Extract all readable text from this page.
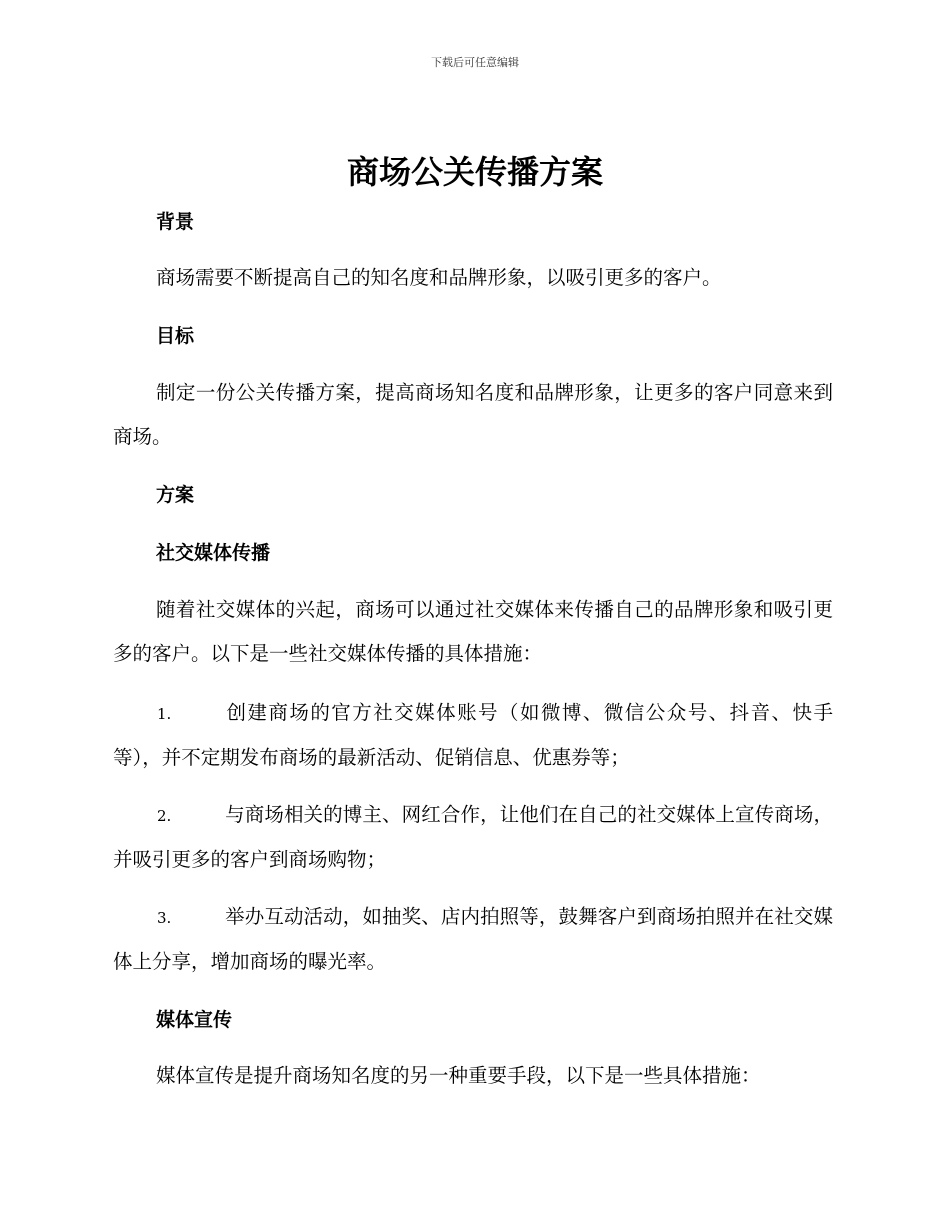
下载后可任意编辑
商场公关传播方案
背景

商场需要不断提高自己的知名度和品牌形象，以吸引更多的客户。

目标

制定一份公关传播方案，提高商场知名度和品牌形象，让更多的客户同意来到商场。

方案
社交媒体传播

随着社交媒体的兴起，商场可以通过社交媒体来传播自己的品牌形象和吸引更多的客户。以下是一些社交媒体传播的具体措施：

1.	创建商场的官方社交媒体账号（如微博、微信公众号、抖音、快手等），并不定期发布商场的最新活动、促销信息、优惠券等；

2.	与商场相关的博主、网红合作，让他们在自己的社交媒体上宣传商场，并吸引更多的客户到商场购物；

3.	举办互动活动，如抽奖、店内拍照等，鼓舞客户到商场拍照并在社交媒体上分享，增加商场的曝光率。

媒体宣传

媒体宣传是提升商场知名度的另一种重要手段，以下是一些具体措施：
